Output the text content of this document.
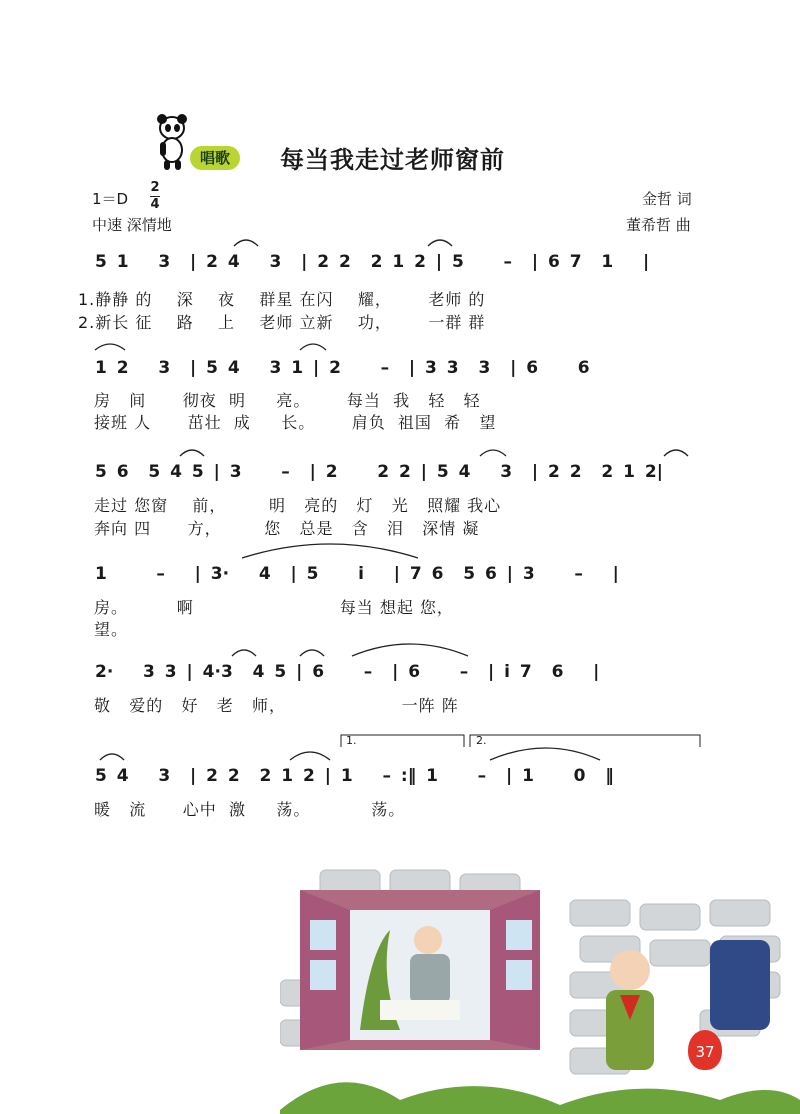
唱歌	每当我走过老师窗前
1＝D
2
4
中速 深情地
金哲 词
董希哲 曲
5 1   3  | 2 4   3  | 2 2  2 1 2 | 5    –  | 6 7  1   |
1.静静 的    深    夜    群星 在闪    耀，      老师 的
2.新长 征    路    上    老师 立新    功，      一群 群
1 2   3  | 5 4   3 1 | 2    –  | 3 3  3  | 6    6
房   间      彻夜  明     亮。      每当  我   轻   轻
接班 人      茁壮  成     长。      肩负  祖国  希   望
5 6  5 4 5 | 3    –  | 2    2 2 | 5 4   3  | 2 2  2 1 2|
走过 您窗    前，       明   亮的   灯   光   照耀 我心
奔向 四      方，       您   总是   含   泪   深情 凝
1     –   | 3·   4  | 5    i   | 7 6  5 6 | 3    –   |
房。        啊                        每当 想起 您，
望。
2·   3 3 | 4·3  4 5 | 6    –  | 6    –  | i 7  6   |
敬   爱的   好   老   师，                   一阵 阵
1.	2.
5 4   3  | 2 2  2 1 2 | 1   – :‖ 1    –  | 1    0  ‖
暖   流      心中  激     荡。          荡。
37
